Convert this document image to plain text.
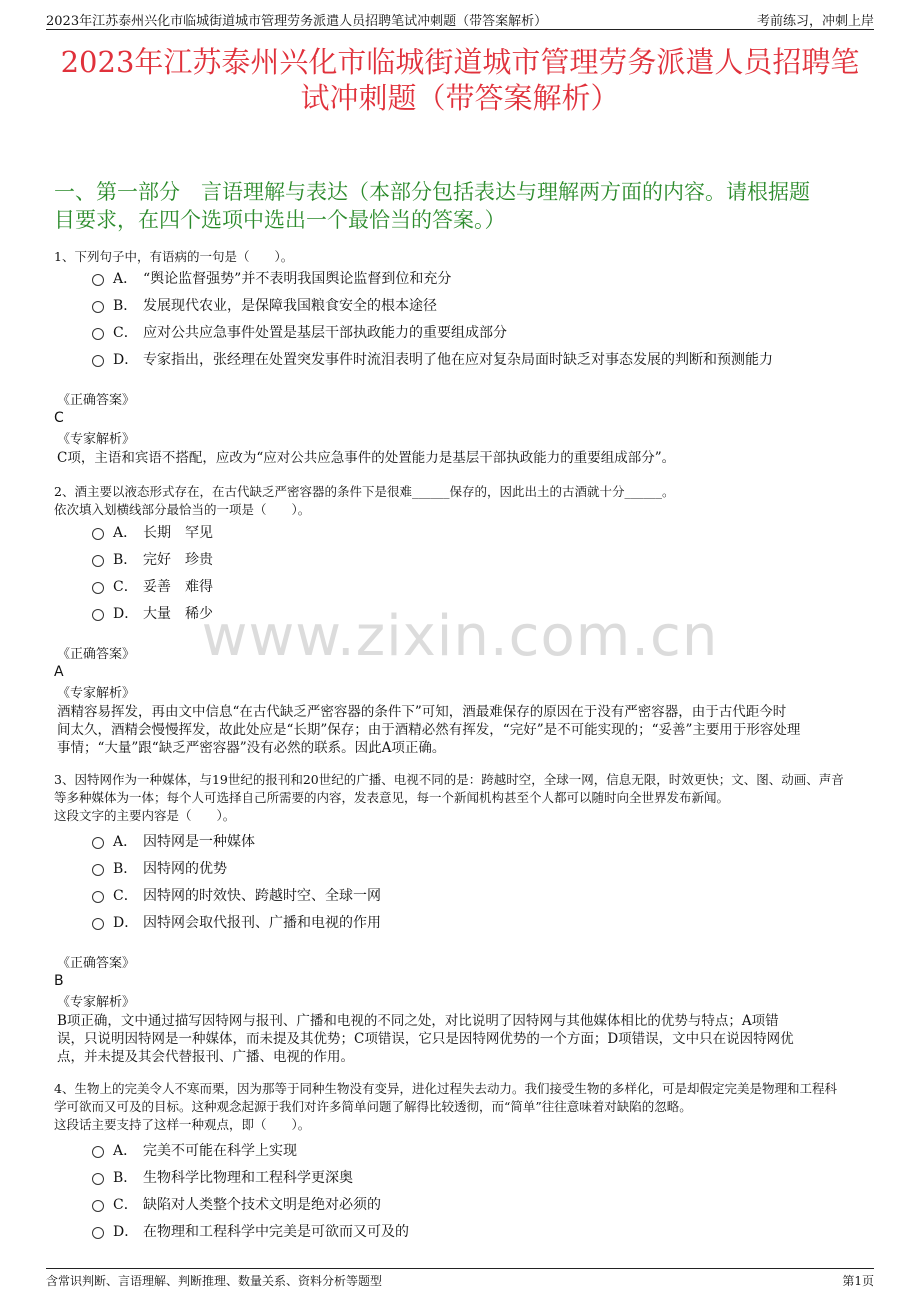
2023年江苏泰州兴化市临城街道城市管理劳务派遣人员招聘笔试冲刺题（带答案解析）	考前练习，冲刺上岸
2023年江苏泰州兴化市临城街道城市管理劳务派遣人员招聘笔
试冲刺题（带答案解析）
一、第一部分　言语理解与表达（本部分包括表达与理解两方面的内容。请根据题
目要求，在四个选项中选出一个最恰当的答案。）
www.zixin.com.cn
1、下列句子中，有语病的一句是（　　）。
A． “舆论监督强势”并不表明我国舆论监督到位和充分
B． 发展现代农业，是保障我国粮食安全的根本途径
C． 应对公共应急事件处置是基层干部执政能力的重要组成部分
D． 专家指出，张经理在处置突发事件时流泪表明了他在应对复杂局面时缺乏对事态发展的判断和预测能力
《正确答案》
C
《专家解析》
C项，主语和宾语不搭配，应改为“应对公共应急事件的处置能力是基层干部执政能力的重要组成部分”。
2、酒主要以液态形式存在，在古代缺乏严密容器的条件下是很难______保存的，因此出土的古酒就十分______。
依次填入划横线部分最恰当的一项是（　　）。
A． 长期　罕见
B． 完好　珍贵
C． 妥善　难得
D． 大量　稀少
《正确答案》
A
《专家解析》
酒精容易挥发，再由文中信息“在古代缺乏严密容器的条件下”可知，酒最难保存的原因在于没有严密容器，由于古代距今时
间太久，酒精会慢慢挥发，故此处应是“长期”保存；由于酒精必然有挥发，“完好”是不可能实现的；“妥善”主要用于形容处理
事情；“大量”跟“缺乏严密容器”没有必然的联系。因此A项正确。
3、因特网作为一种媒体，与19世纪的报刊和20世纪的广播、电视不同的是：跨越时空，全球一网，信息无限，时效更快；文、图、动画、声音
等多种媒体为一体；每个人可选择自己所需要的内容，发表意见，每一个新闻机构甚至个人都可以随时向全世界发布新闻。
这段文字的主要内容是（　　）。
A． 因特网是一种媒体
B． 因特网的优势
C． 因特网的时效快、跨越时空、全球一网
D． 因特网会取代报刊、广播和电视的作用
《正确答案》
B
《专家解析》
B项正确，文中通过描写因特网与报刊、广播和电视的不同之处，对比说明了因特网与其他媒体相比的优势与特点；A项错
误，只说明因特网是一种媒体，而未提及其优势；C项错误，它只是因特网优势的一个方面；D项错误，文中只在说因特网优
点，并未提及其会代替报刊、广播、电视的作用。
4、生物上的完美令人不寒而栗，因为那等于同种生物没有变异，进化过程失去动力。我们接受生物的多样化，可是却假定完美是物理和工程科
学可欲而又可及的目标。这种观念起源于我们对许多简单问题了解得比较透彻，而“简单”往往意味着对缺陷的忽略。
这段话主要支持了这样一种观点，即（　　）。
A． 完美不可能在科学上实现
B． 生物科学比物理和工程科学更深奥
C． 缺陷对人类整个技术文明是绝对必须的
D． 在物理和工程科学中完美是可欲而又可及的
含常识判断、言语理解、判断推理、数量关系、资料分析等题型	第1页
